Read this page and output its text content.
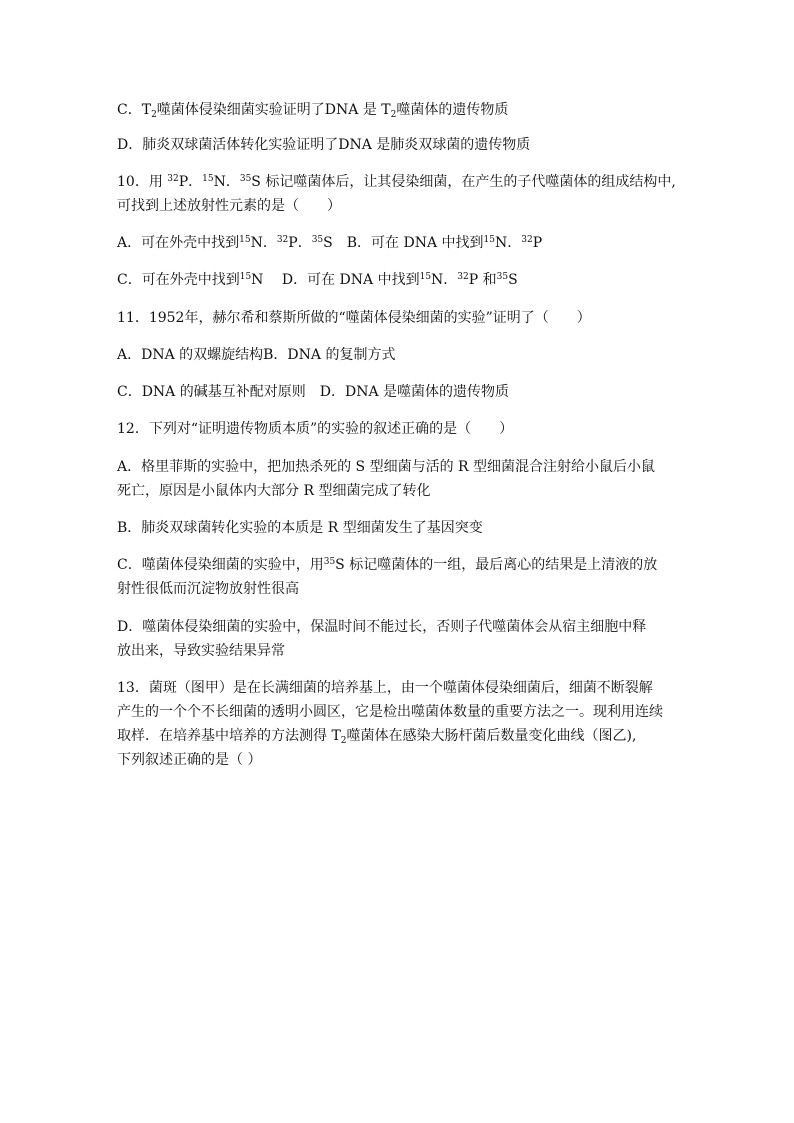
C．$T_2$噬菌体侵染细菌实验证明了DNA 是 $T_2$噬菌体的遗传物质
D．肺炎双球菌活体转化实验证明了DNA 是肺炎双球菌的遗传物质
10．用 $^{32}$P．$^{15}$N．$^{35}$S 标记噬菌体后，让其侵染细菌，在产生的子代噬菌体的组成结构中,
可找到上述放射性元素的是（　　）
A．可在外壳中找到$^{15}$N．$^{32}$P．$^{35}$S　B．可在 DNA 中找到$^{15}$N．$^{32}$P
C．可在外壳中找到$^{15}$N　 D．可在 DNA 中找到$^{15}$N．$^{32}$P 和$^{35}$S
11．1952年，赫尔希和蔡斯所做的“噬菌体侵染细菌的实验”证明了（　　）
A．DNA 的双螺旋结构B．DNA 的复制方式
C．DNA 的碱基互补配对原则　D．DNA 是噬菌体的遗传物质
12．下列对“证明遗传物质本质”的实验的叙述正确的是（　　）
A．格里菲斯的实验中，把加热杀死的 S 型细菌与活的 R 型细菌混合注射给小鼠后小鼠
死亡，原因是小鼠体内大部分 R 型细菌完成了转化
B．肺炎双球菌转化实验的本质是 R 型细菌发生了基因突变
C．噬菌体侵染细菌的实验中，用$^{35}$S 标记噬菌体的一组，最后离心的结果是上清液的放
射性很低而沉淀物放射性很高
D．噬菌体侵染细菌的实验中，保温时间不能过长，否则子代噬菌体会从宿主细胞中释
放出来，导致实验结果异常
13．菌斑（图甲）是在长满细菌的培养基上，由一个噬菌体侵染细菌后，细菌不断裂解
产生的一个个不长细菌的透明小圆区，它是检出噬菌体数量的重要方法之一。现利用连续
取样．在培养基中培养的方法测得 $T_2$噬菌体在感染大肠杆菌后数量变化曲线（图乙),
下列叙述正确的是（ ）
